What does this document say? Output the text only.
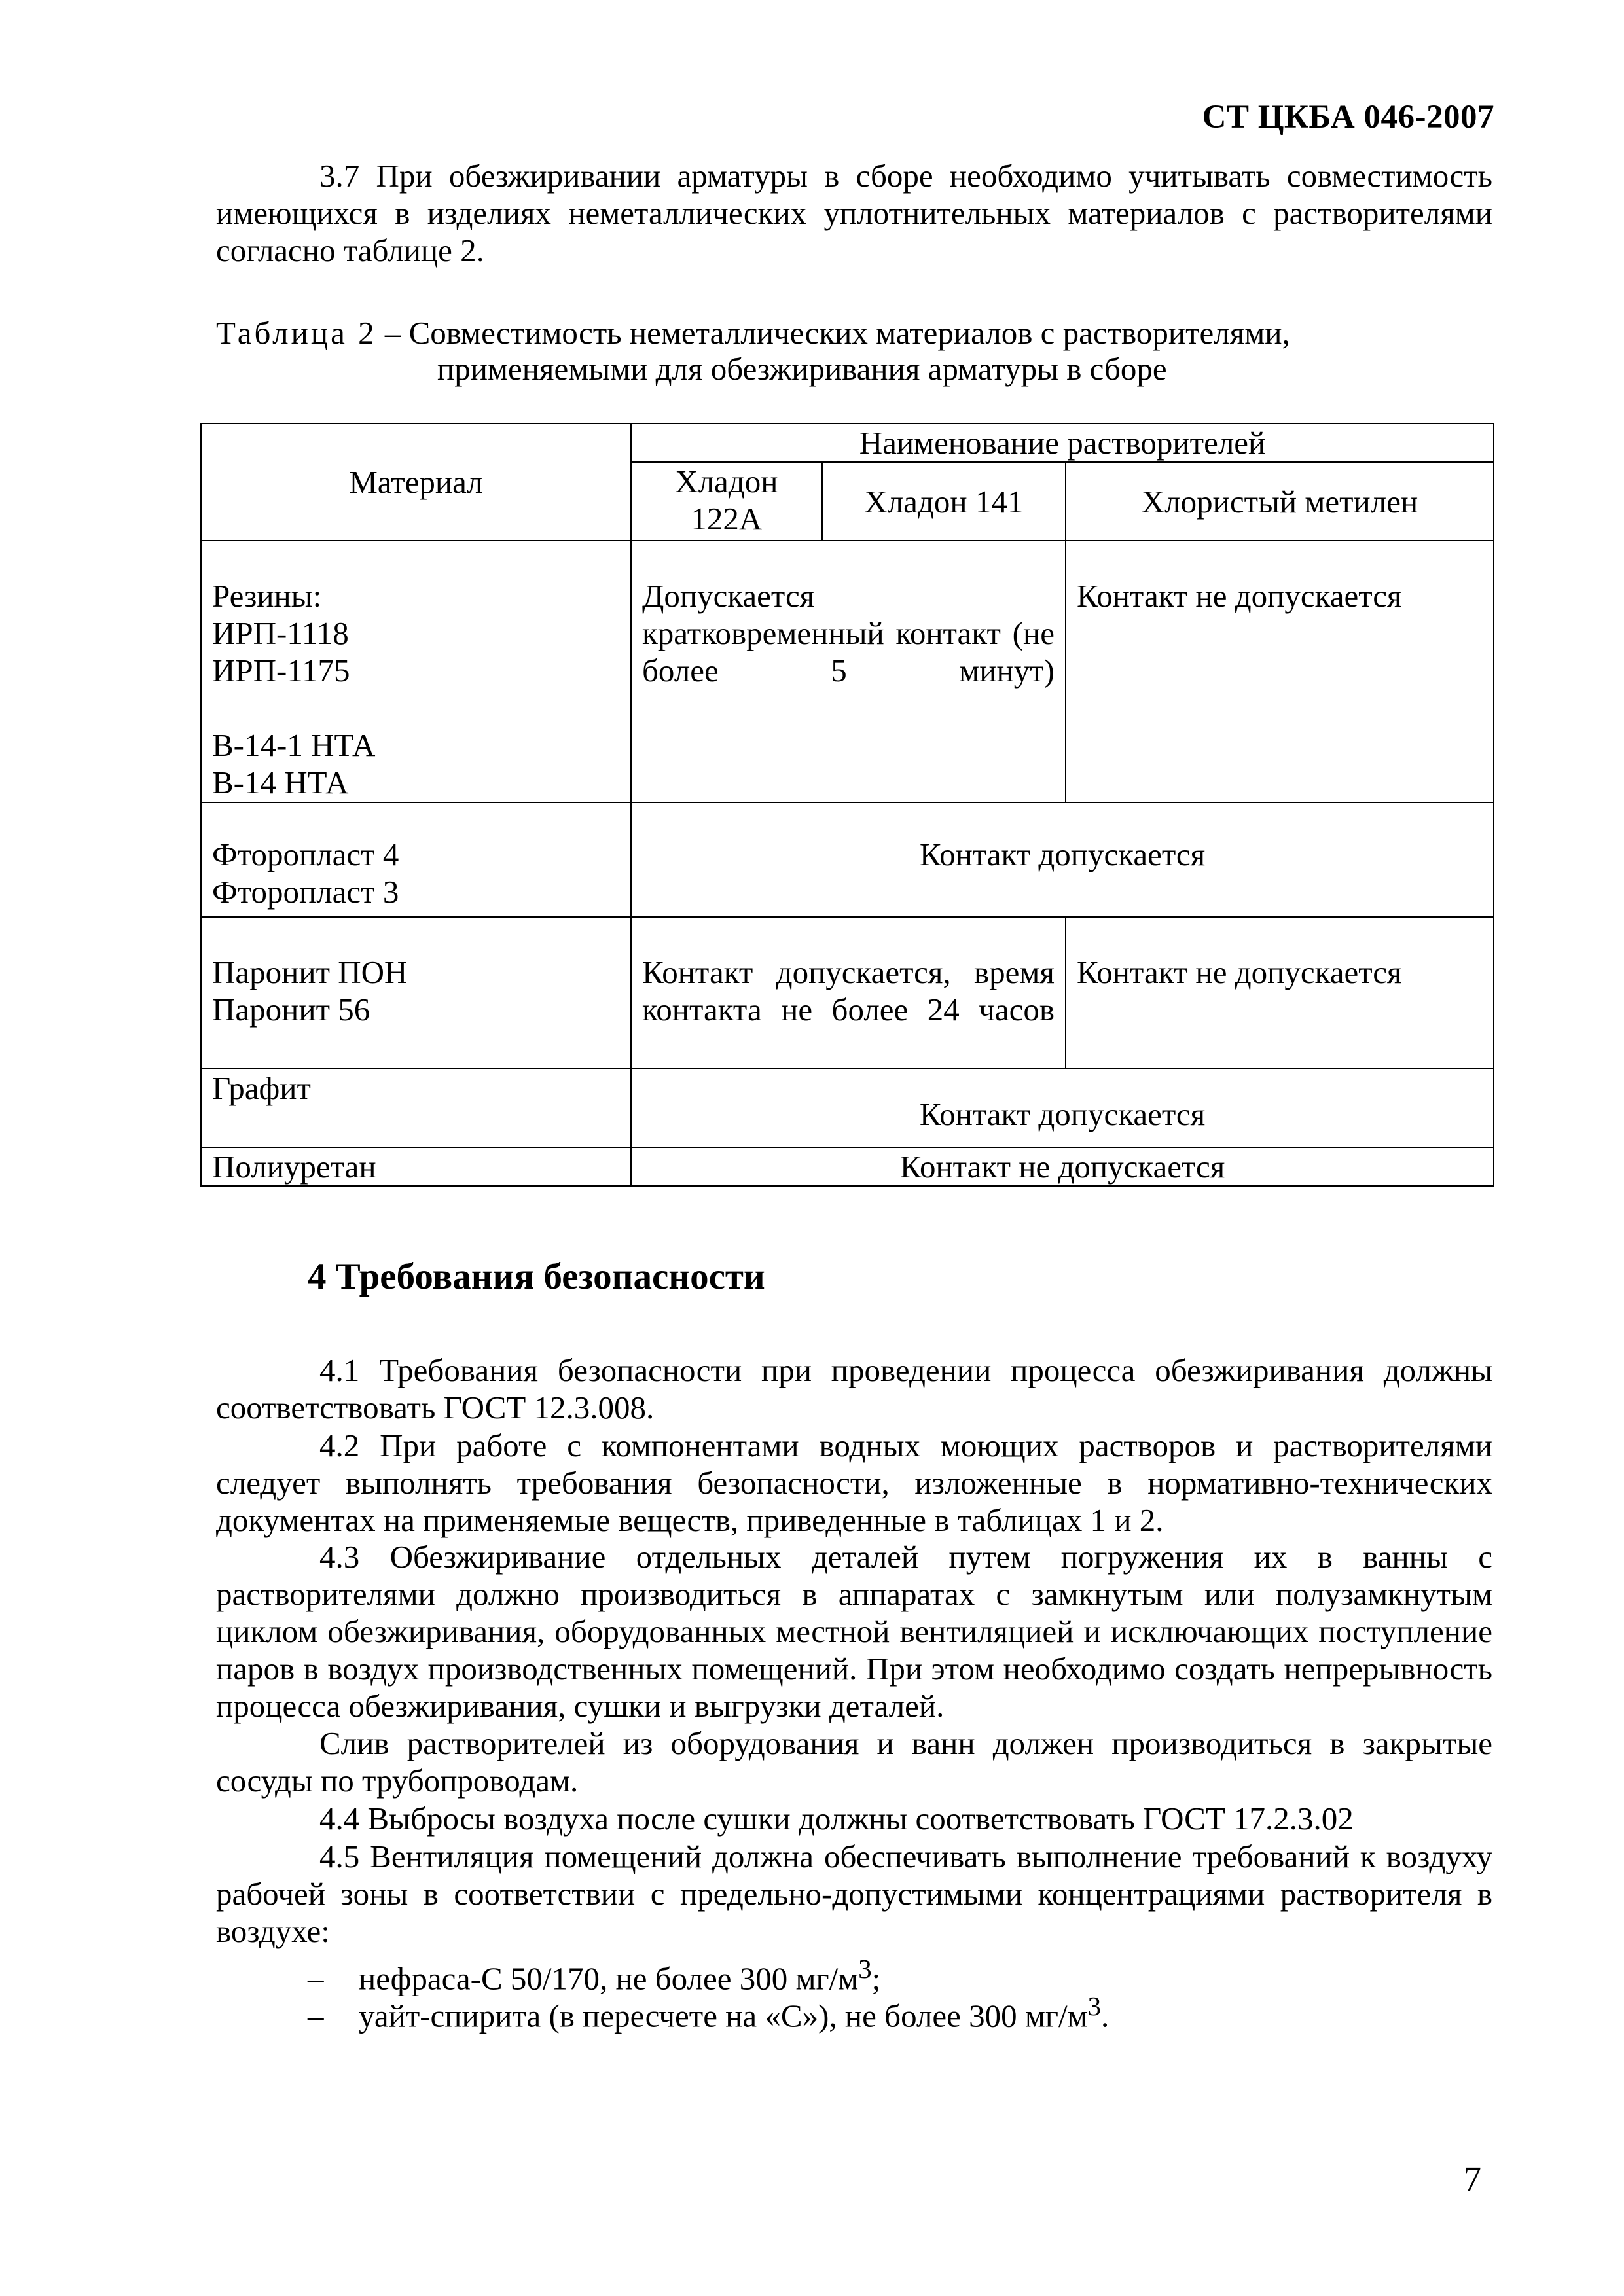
СТ ЦКБА 046-2007
3.7 При обезжиривании арматуры в сборе необходимо учитывать совместимость имеющихся в изделиях неметаллических уплотнительных материалов с растворителями согласно таблице 2.
Таблица 2 – Совместимость неметаллических материалов с растворителями,
применяемыми для обезжиривания арматуры в сборе
Материал	Наименование растворителей		
	Хладон 122А	Хладон 141	Хлористый метилен

Резины:
ИРП-1118
ИРП-1175
В-14-1 НТА
В-14 НТА	Допускается кратковременный контакт (не более 5 минут)		Контакт не допускается

Фторопласт 4
Фторопласт 3	Контакт допускается		

Паронит ПОН
Паронит 56	Контакт допускается, время контакта не более 24 часов		Контакт не допускается

Графит	Контакт допускается		

Полиуретан	Контакт не допускается		
4 Требования безопасности
4.1 Требования безопасности при проведении процесса обезжиривания должны соответствовать ГОСТ 12.3.008.
4.2 При работе с компонентами водных моющих растворов и растворителями следует выполнять требования безопасности, изложенные в нормативно-технических документах на применяемые веществ, приведенные в таблицах 1 и 2.
4.3 Обезжиривание отдельных деталей путем погружения их в ванны с растворителями должно производиться в аппаратах с замкнутым или полузамкнутым циклом обезжиривания, оборудованных местной вентиляцией и исключающих поступление паров в воздух производственных помещений. При этом необходимо создать непрерывность процесса обезжиривания, сушки и выгрузки деталей.
Слив растворителей из оборудования и ванн должен производиться в закрытые сосуды по трубопроводам.
4.4 Выбросы воздуха после сушки должны соответствовать ГОСТ 17.2.3.02
4.5 Вентиляция помещений должна обеспечивать выполнение требований к воздуху рабочей зоны в соответствии с предельно-допустимыми концентрациями растворителя в воздухе:
– нефраса-С 50/170, не более 300 $мг/м^3$;
– уайт-спирита (в пересчете на «С»), не более 300 $мг/м^3$.
7
